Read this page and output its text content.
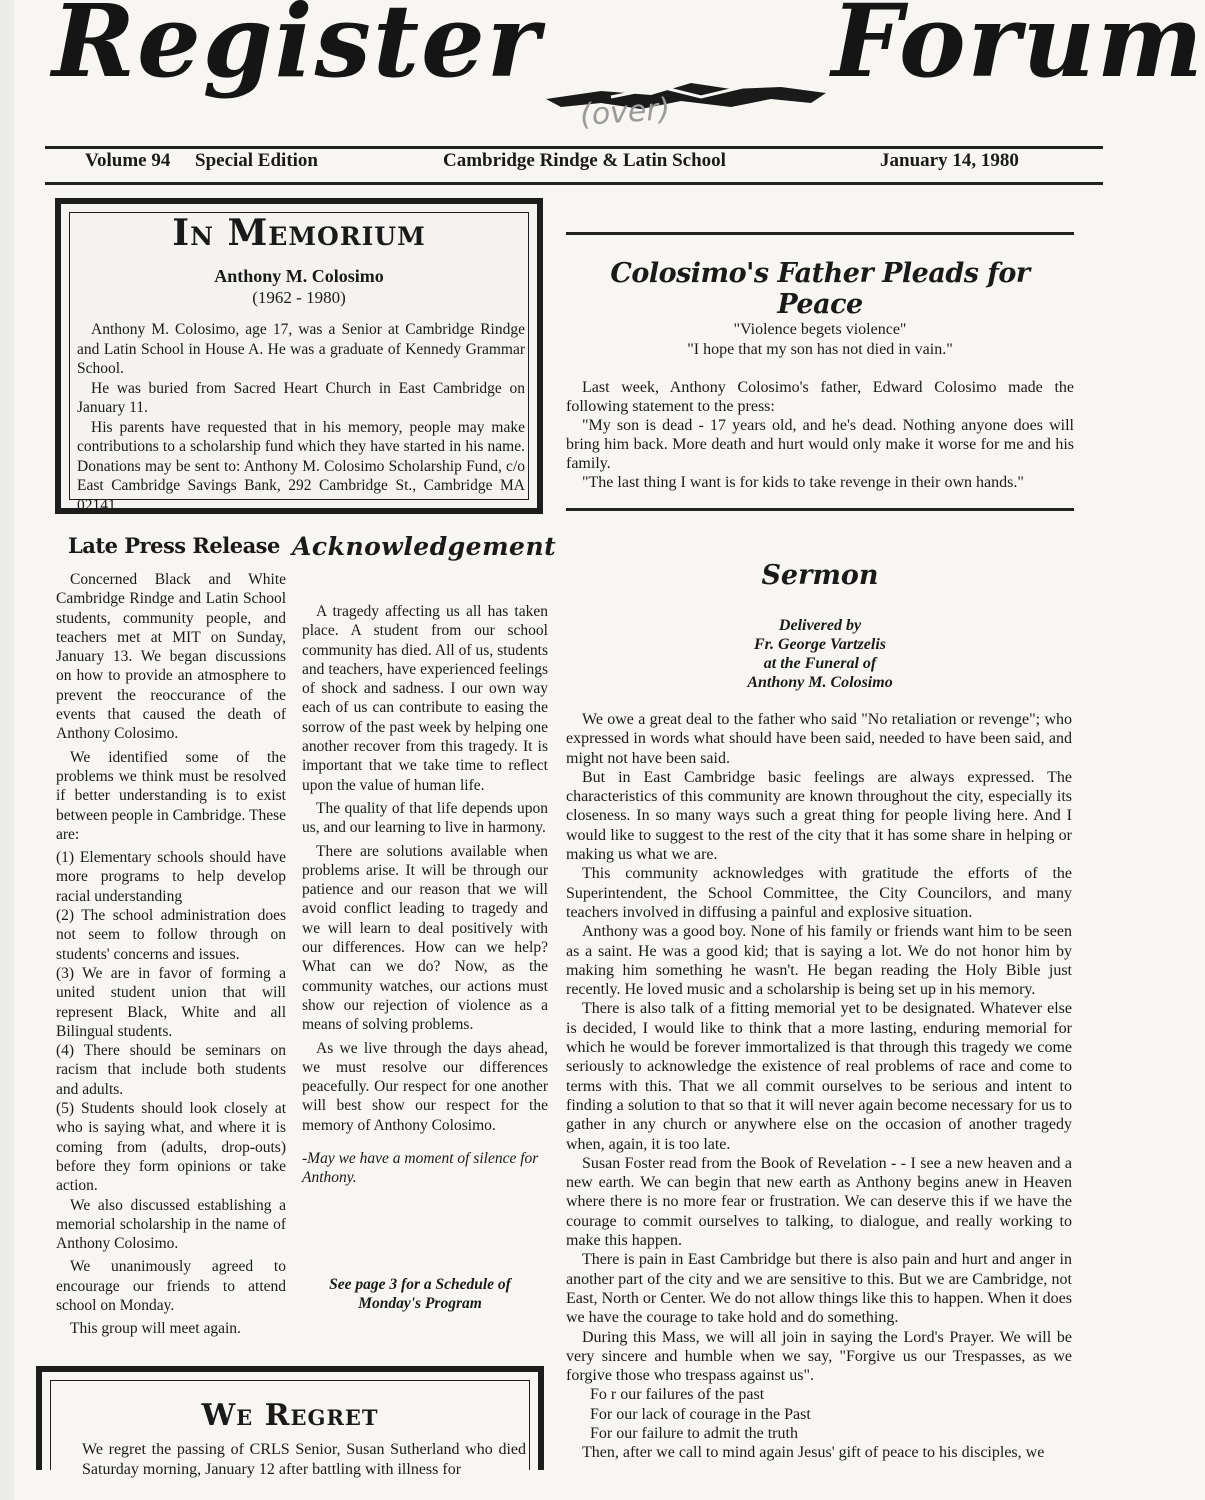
Register	Forum
(over)
Volume 94 Special Edition	Cambridge Rindge & Latin School	January 14, 1980
In Memorium
Anthony M. Colosimo
(1962 - 1980)

Anthony M. Colosimo, age 17, was a Senior at Cambridge Rindge and Latin School in House A. He was a graduate of Kennedy Grammar School.

He was buried from Sacred Heart Church in East Cambridge on January 11.

His parents have requested that in his memory, people may make contributions to a scholarship fund which they have started in his name. Donations may be sent to: Anthony M. Colosimo Scholarship Fund, c/o East Cambridge Savings Bank, 292 Cambridge St., Cambridge MA 02141.

Colosimo's Father Pleads for Peace
"Violence begets violence"
"I hope that my son has not died in vain."

Last week, Anthony Colosimo's father, Edward Colosimo made the following statement to the press:

"My son is dead - 17 years old, and he's dead. Nothing anyone does will bring him back. More death and hurt would only make it worse for me and his family.

"The last thing I want is for kids to take revenge in their own hands."

Late Press Release

Concerned Black and White Cambridge Rindge and Latin School students, community people, and teachers met at MIT on Sunday, January 13. We began discussions on how to provide an atmosphere to prevent the reoccurance of the events that caused the death of Anthony Colosimo.

We identified some of the problems we think must be resolved if better understanding is to exist between people in Cambridge. These are:

(1) Elementary schools should have more programs to help develop racial understanding

(2) The school administration does not seem to follow through on students' concerns and issues.

(3) We are in favor of forming a united student union that will represent Black, White and all Bilingual students.

(4) There should be seminars on racism that include both students and adults.

(5) Students should look closely at who is saying what, and where it is coming from (adults, drop-outs) before they form opinions or take action.

We also discussed establishing a memorial scholarship in the name of Anthony Colosimo.

We unanimously agreed to encourage our friends to attend school on Monday.

This group will meet again.

Acknowledgement

A tragedy affecting us all has taken place. A student from our school community has died. All of us, students and teachers, have experienced feelings of shock and sadness. I our own way each of us can contribute to easing the sorrow of the past week by helping one another recover from this tragedy. It is important that we take time to reflect upon the value of human life.

The quality of that life depends upon us, and our learning to live in harmony.

There are solutions available when problems arise. It will be through our patience and our reason that we will avoid conflict leading to tragedy and we will learn to deal positively with our differences. How can we help? What can we do? Now, as the community watches, our actions must show our rejection of violence as a means of solving problems.

As we live through the days ahead, we must resolve our differences peacefully. Our respect for one another will best show our respect for the memory of Anthony Colosimo.

-May we have a moment of silence for Anthony.

See page 3 for a Schedule of Monday's Program
We Regret
We regret the passing of CRLS Senior, Susan Sutherland who died Saturday morning, January 12 after battling with illness for
Sermon
Delivered by
Fr. George Vartzelis
at the Funeral of
Anthony M. Colosimo

We owe a great deal to the father who said "No retaliation or revenge"; who expressed in words what should have been said, needed to have been said, and might not have been said.

But in East Cambridge basic feelings are always expressed. The characteristics of this community are known throughout the city, especially its closeness. In so many ways such a great thing for people living here. And I would like to suggest to the rest of the city that it has some share in helping or making us what we are.

This community acknowledges with gratitude the efforts of the Superintendent, the School Committee, the City Councilors, and many teachers involved in diffusing a painful and explosive situation.

Anthony was a good boy. None of his family or friends want him to be seen as a saint. He was a good kid; that is saying a lot. We do not honor him by making him something he wasn't. He began reading the Holy Bible just recently. He loved music and a scholarship is being set up in his memory.

There is also talk of a fitting memorial yet to be designated. Whatever else is decided, I would like to think that a more lasting, enduring memorial for which he would be forever immortalized is that through this tragedy we come seriously to acknowledge the existence of real problems of race and come to terms with this. That we all commit ourselves to be serious and intent to finding a solution to that so that it will never again become necessary for us to gather in any church or anywhere else on the occasion of another tragedy when, again, it is too late.

Susan Foster read from the Book of Revelation - - I see a new heaven and a new earth. We can begin that new earth as Anthony begins anew in Heaven where there is no more fear or frustration. We can deserve this if we have the courage to commit ourselves to talking, to dialogue, and really working to make this happen.

There is pain in East Cambridge but there is also pain and hurt and anger in another part of the city and we are sensitive to this. But we are Cambridge, not East, North or Center. We do not allow things like this to happen. When it does we have the courage to take hold and do something.

During this Mass, we will all join in saying the Lord's Prayer. We will be very sincere and humble when we say, "Forgive us our Trespasses, as we forgive those who trespass against us".

Fo r our failures of the past

For our lack of courage in the Past

For our failure to admit the truth

Then, after we call to mind again Jesus' gift of peace to his disciples, we
